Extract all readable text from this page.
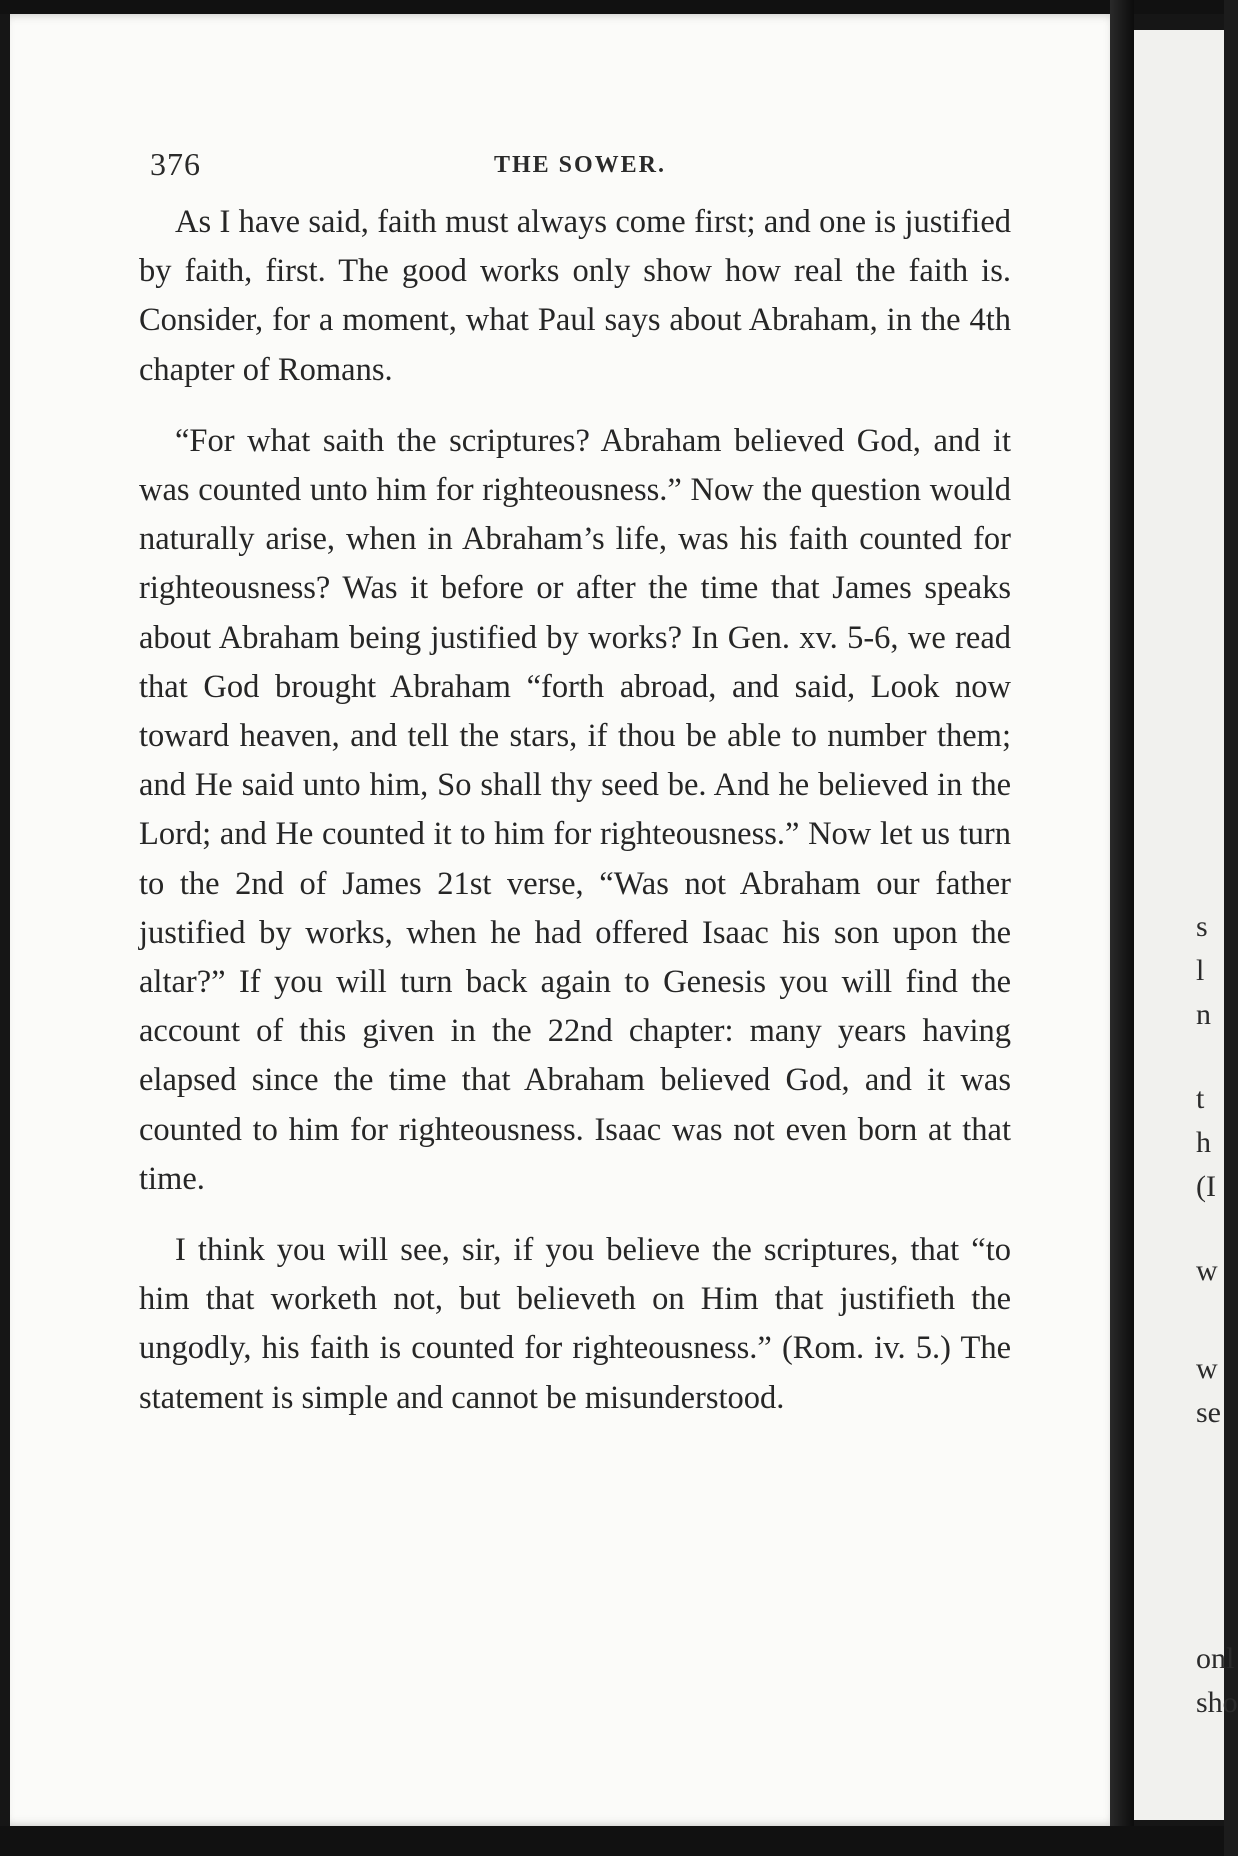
376	THE SOWER.

As I have said, faith must always come first; and one is justified by faith, first. The good works only show how real the faith is. Consider, for a moment, what Paul says about Abraham, in the 4th chapter of Romans.

“For what saith the scriptures? Abraham believed God, and it was counted unto him for righteousness.” Now the question would naturally arise, when in Abraham’s life, was his faith counted for righteousness? Was it before or after the time that James speaks about Abraham being justified by works? In Gen. xv. 5-6, we read that God brought Abraham “forth abroad, and said, Look now toward heaven, and tell the stars, if thou be able to number them; and He said unto him, So shall thy seed be. And he believed in the Lord; and He counted it to him for righteousness.” Now let us turn to the 2nd of James 21st verse, “Was not Abraham our father justified by works, when he had offered Isaac his son upon the altar?” If you will turn back again to Genesis you will find the account of this given in the 22nd chapter: many years having elapsed since the time that Abraham believed God, and it was counted to him for righteousness. Isaac was not even born at that time.

I think you will see, sir, if you believe the scriptures, that “to him that worketh not, but believeth on Him that justifieth the ungodly, his faith is counted for righteousness.” (Rom. iv. 5.) The statement is simple and cannot be misunderstood.

s
l
n
t
h
(I
w
w
se
onl
sho
